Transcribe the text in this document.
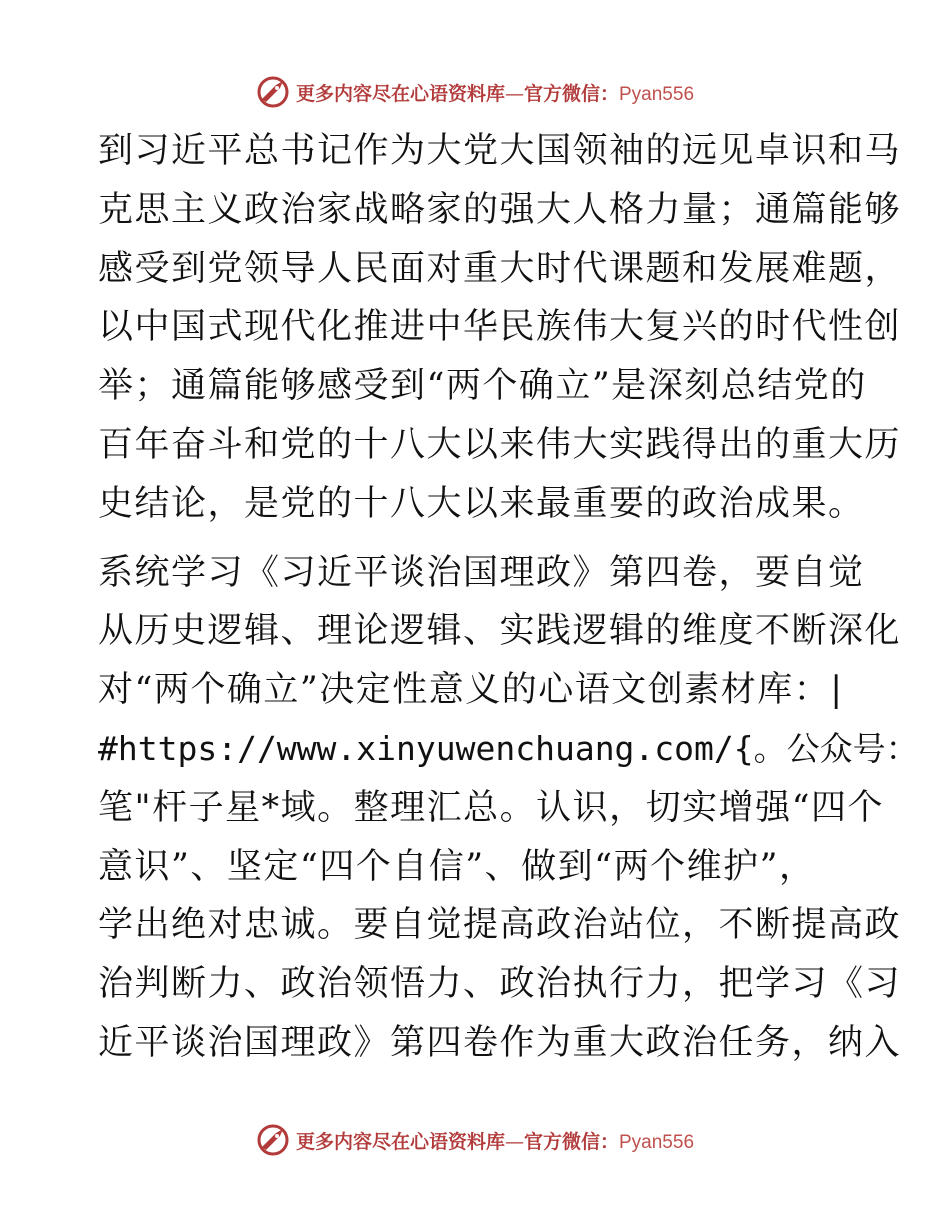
更多内容尽在心语资料库—官方微信：Pyan556
到习近平总书记作为大党大国领袖的远见卓识和马
克思主义政治家战略家的强大人格力量；通篇能够
感受到党领导人民面对重大时代课题和发展难题，
以中国式现代化推进中华民族伟大复兴的时代性创
举；通篇能够感受到“两个确立”是深刻总结党的
百年奋斗和党的十八大以来伟大实践得出的重大历
史结论，是党的十八大以来最重要的政治成果。
系统学习《习近平谈治国理政》第四卷，要自觉
从历史逻辑、理论逻辑、实践逻辑的维度不断深化
对“两个确立”决定性意义的心语文创素材库：|
#https://www.xinyuwenchuang.com/{。公众号：
笔"杆子星*域。整理汇总。认识，切实增强“四个
意识”、坚定“四个自信”、做到“两个维护”，
学出绝对忠诚。要自觉提高政治站位，不断提高政
治判断力、政治领悟力、政治执行力，把学习《习
近平谈治国理政》第四卷作为重大政治任务，纳入
更多内容尽在心语资料库—官方微信：Pyan556
